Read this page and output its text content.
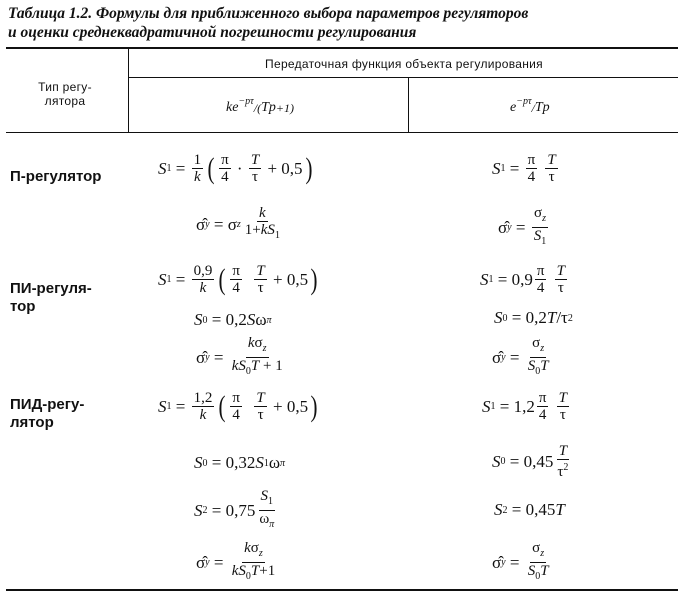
Таблица 1.2. Формулы для приближенного выбора параметров регуляторов
и оценки среднеквадратичной погрешности регулирования
Тип регу-
лятора
Передаточная функция объекта регулирования
$ke^{-p\tau}/(Tp+1)$	$e^{-p\tau}/Tp$
П-регулятор	S $1 = \frac{1}{k}$ ( $\frac{\pi}{4} \cdot \frac{T}{\tau} + 0,5$ )
σ̂ y = σ z $\frac{k}{1+kS_1}$
S $1 = \frac{\pi}{4}$
$\frac{T}{\tau}$
σ̂ $y = \frac{\sigma_z}{S_1}$
ПИ-регуля-
тор
S $1 = \frac{0,9}{k}$ ( $\frac{\pi}{4}$
$\frac{T}{\tau} + 0,5$ )
S 0 = 0,2 S ω π
σ̂ $y = \frac{k\sigma_z}{kS_0T + 1}$
S $1 = 0,9 \frac{\pi}{4}$
$\frac{T}{\tau}$
S 0 = 0,2 T /τ 2
σ̂ $y = \frac{\sigma_z}{S_0T}$
ПИД-регу-
лятор
S $1 = \frac{1,2}{k}$ ( $\frac{\pi}{4}$
$\frac{T}{\tau} + 0,5$ )
S 0 = 0,32 S 1 ω π
S $2 = 0,75 \frac{S_1}{\omega_\pi}$
σ̂ $y = \frac{k\sigma_z}{kS_0T+1}$
S $1 = 1,2 \frac{\pi}{4}$
$\frac{T}{\tau}$
S $0 = 0,45 \frac{T}{\tau^2}$
S 2 = 0,45 T
σ̂ $y = \frac{\sigma_z}{S_0T}$
